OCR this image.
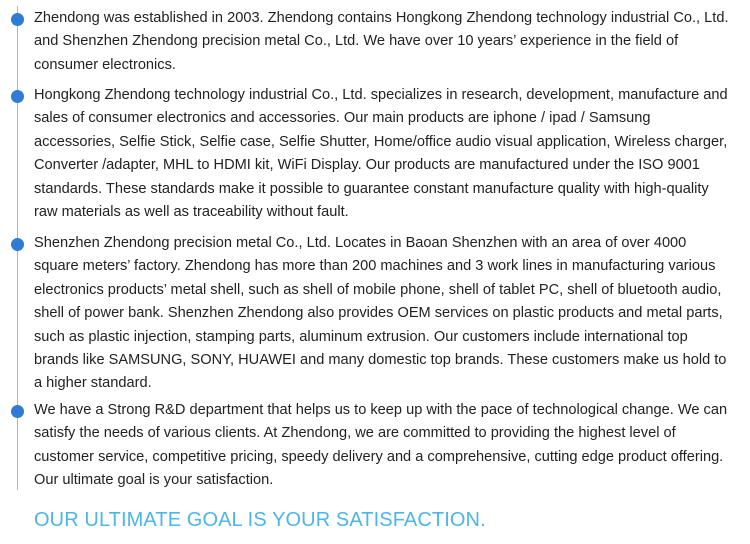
Zhendong was established in 2003. Zhendong contains Hongkong Zhendong technology industrial Co., Ltd. and Shenzhen Zhendong precision metal Co., Ltd. We have over 10 years’ experience in the field of consumer electronics.

Hongkong Zhendong technology industrial Co., Ltd. specializes in research, development, manufacture and sales of consumer electronics and accessories. Our main products are iphone / ipad / Samsung accessories, Selfie Stick, Selfie case, Selfie Shutter, Home/office audio visual application, Wireless charger, Converter /adapter, MHL to HDMI kit, WiFi Display. Our products are manufactured under the ISO 9001 standards. These standards make it possible to guarantee constant manufacture quality with high-quality raw materials as well as traceability without fault.

Shenzhen Zhendong precision metal Co., Ltd. Locates in Baoan Shenzhen with an area of over 4000 square meters’ factory. Zhendong has more than 200 machines and 3 work lines in manufacturing various electronics products’ metal shell, such as shell of mobile phone, shell of tablet PC, shell of bluetooth audio, shell of power bank. Shenzhen Zhendong also provides OEM services on plastic products and metal parts, such as plastic injection, stamping parts, aluminum extrusion. Our customers include international top brands like SAMSUNG, SONY, HUAWEI and many domestic top brands. These customers make us hold to a higher standard.

We have a Strong R&D department that helps us to keep up with the pace of technological change. We can satisfy the needs of various clients. At Zhendong, we are committed to providing the highest level of customer service, competitive pricing, speedy delivery and a comprehensive, cutting edge product offering. Our ultimate goal is your satisfaction.

OUR ULTIMATE GOAL IS YOUR SATISFACTION.
